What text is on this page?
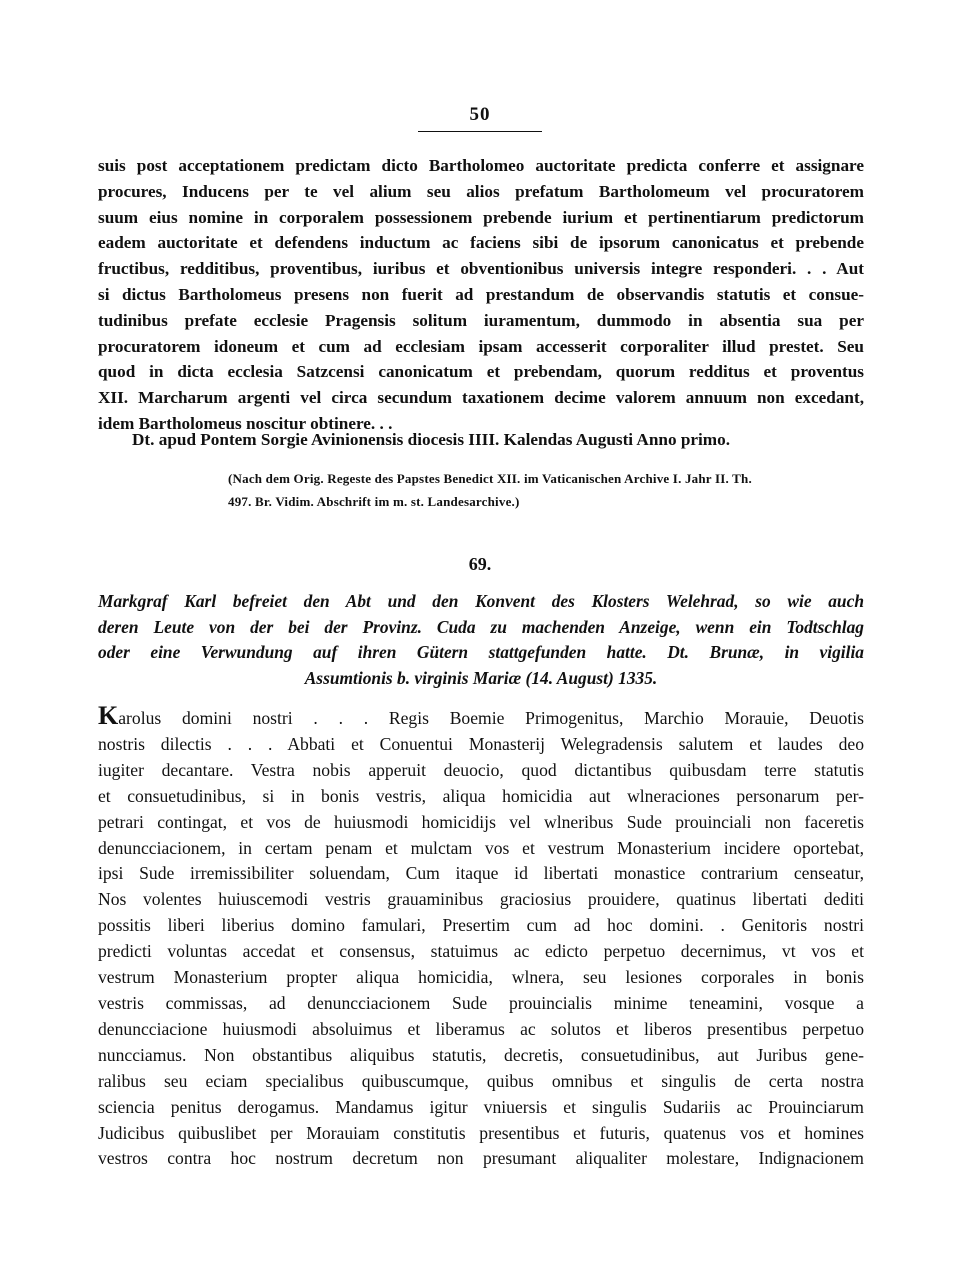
50
suis post acceptationem predictam dicto Bartholomeo auctoritate predicta conferre et assignare
procures, Inducens per te vel alium seu alios prefatum Bartholomeum vel procuratorem
suum eius nomine in corporalem possessionem prebende iurium et pertinentiarum predictorum
eadem auctoritate et defendens inductum ac faciens sibi de ipsorum canonicatus et prebende
fructibus, redditibus, proventibus, iuribus et obventionibus universis integre responderi. . . Aut
si dictus Bartholomeus presens non fuerit ad prestandum de observandis statutis et consue-
tudinibus prefate ecclesie Pragensis solitum iuramentum, dummodo in absentia sua per
procuratorem idoneum et cum ad ecclesiam ipsam accesserit corporaliter illud prestet. Seu
quod in dicta ecclesia Satzcensi canonicatum et prebendam, quorum redditus et proventus
XII. Marcharum argenti vel circa secundum taxationem decime valorem annuum non excedant,
idem Bartholomeus noscitur obtinere. . .
Dt. apud Pontem Sorgie Avinionensis diocesis IIII. Kalendas Augusti Anno primo.
(Nach dem Orig. Regeste des Papstes Benedict XII. im Vaticanischen Archive I. Jahr II. Th.
497. Br. Vidim. Abschrift im m. st. Landesarchive.)
69.
Markgraf Karl befreiet den Abt und den Konvent des Klosters Welehrad, so wie auch
deren Leute von der bei der Provinz. Cuda zu machenden Anzeige, wenn ein Todtschlag
oder eine Verwundung auf ihren Gütern stattgefunden hatte. Dt. Brunæ, in vigilia
Assumtionis b. virginis Mariæ (14. August) 1335.
Karolus domini nostri . . . Regis Boemie Primogenitus, Marchio Morauie, Deuotis
nostris dilectis . . . Abbati et Conuentui Monasterij Welegradensis salutem et laudes deo
iugiter decantare. Vestra nobis apperuit deuocio, quod dictantibus quibusdam terre statutis
et consuetudinibus, si in bonis vestris, aliqua homicidia aut wlneraciones personarum per-
petrari contingat, et vos de huiusmodi homicidijs vel wlneribus Sude prouinciali non faceretis
denuncciacionem, in certam penam et mulctam vos et vestrum Monasterium incidere oportebat,
ipsi Sude irremissibiliter soluendam, Cum itaque id libertati monastice contrarium censeatur,
Nos volentes huiuscemodi vestris grauaminibus graciosius prouidere, quatinus libertati dediti
possitis liberi liberius domino famulari, Presertim cum ad hoc domini. . Genitoris nostri
predicti voluntas accedat et consensus, statuimus ac edicto perpetuo decernimus, vt vos et
vestrum Monasterium propter aliqua homicidia, wlnera, seu lesiones corporales in bonis
vestris commissas, ad denuncciacionem Sude prouincialis minime teneamini, vosque a
denuncciacione huiusmodi absoluimus et liberamus ac solutos et liberos presentibus perpetuo
nuncciamus. Non obstantibus aliquibus statutis, decretis, consuetudinibus, aut Juribus gene-
ralibus seu eciam specialibus quibuscumque, quibus omnibus et singulis de certa nostra
sciencia penitus derogamus. Mandamus igitur vniuersis et singulis Sudariis ac Prouinciarum
Judicibus quibuslibet per Morauiam constitutis presentibus et futuris, quatenus vos et homines
vestros contra hoc nostrum decretum non presumant aliqualiter molestare, Indignacionem
